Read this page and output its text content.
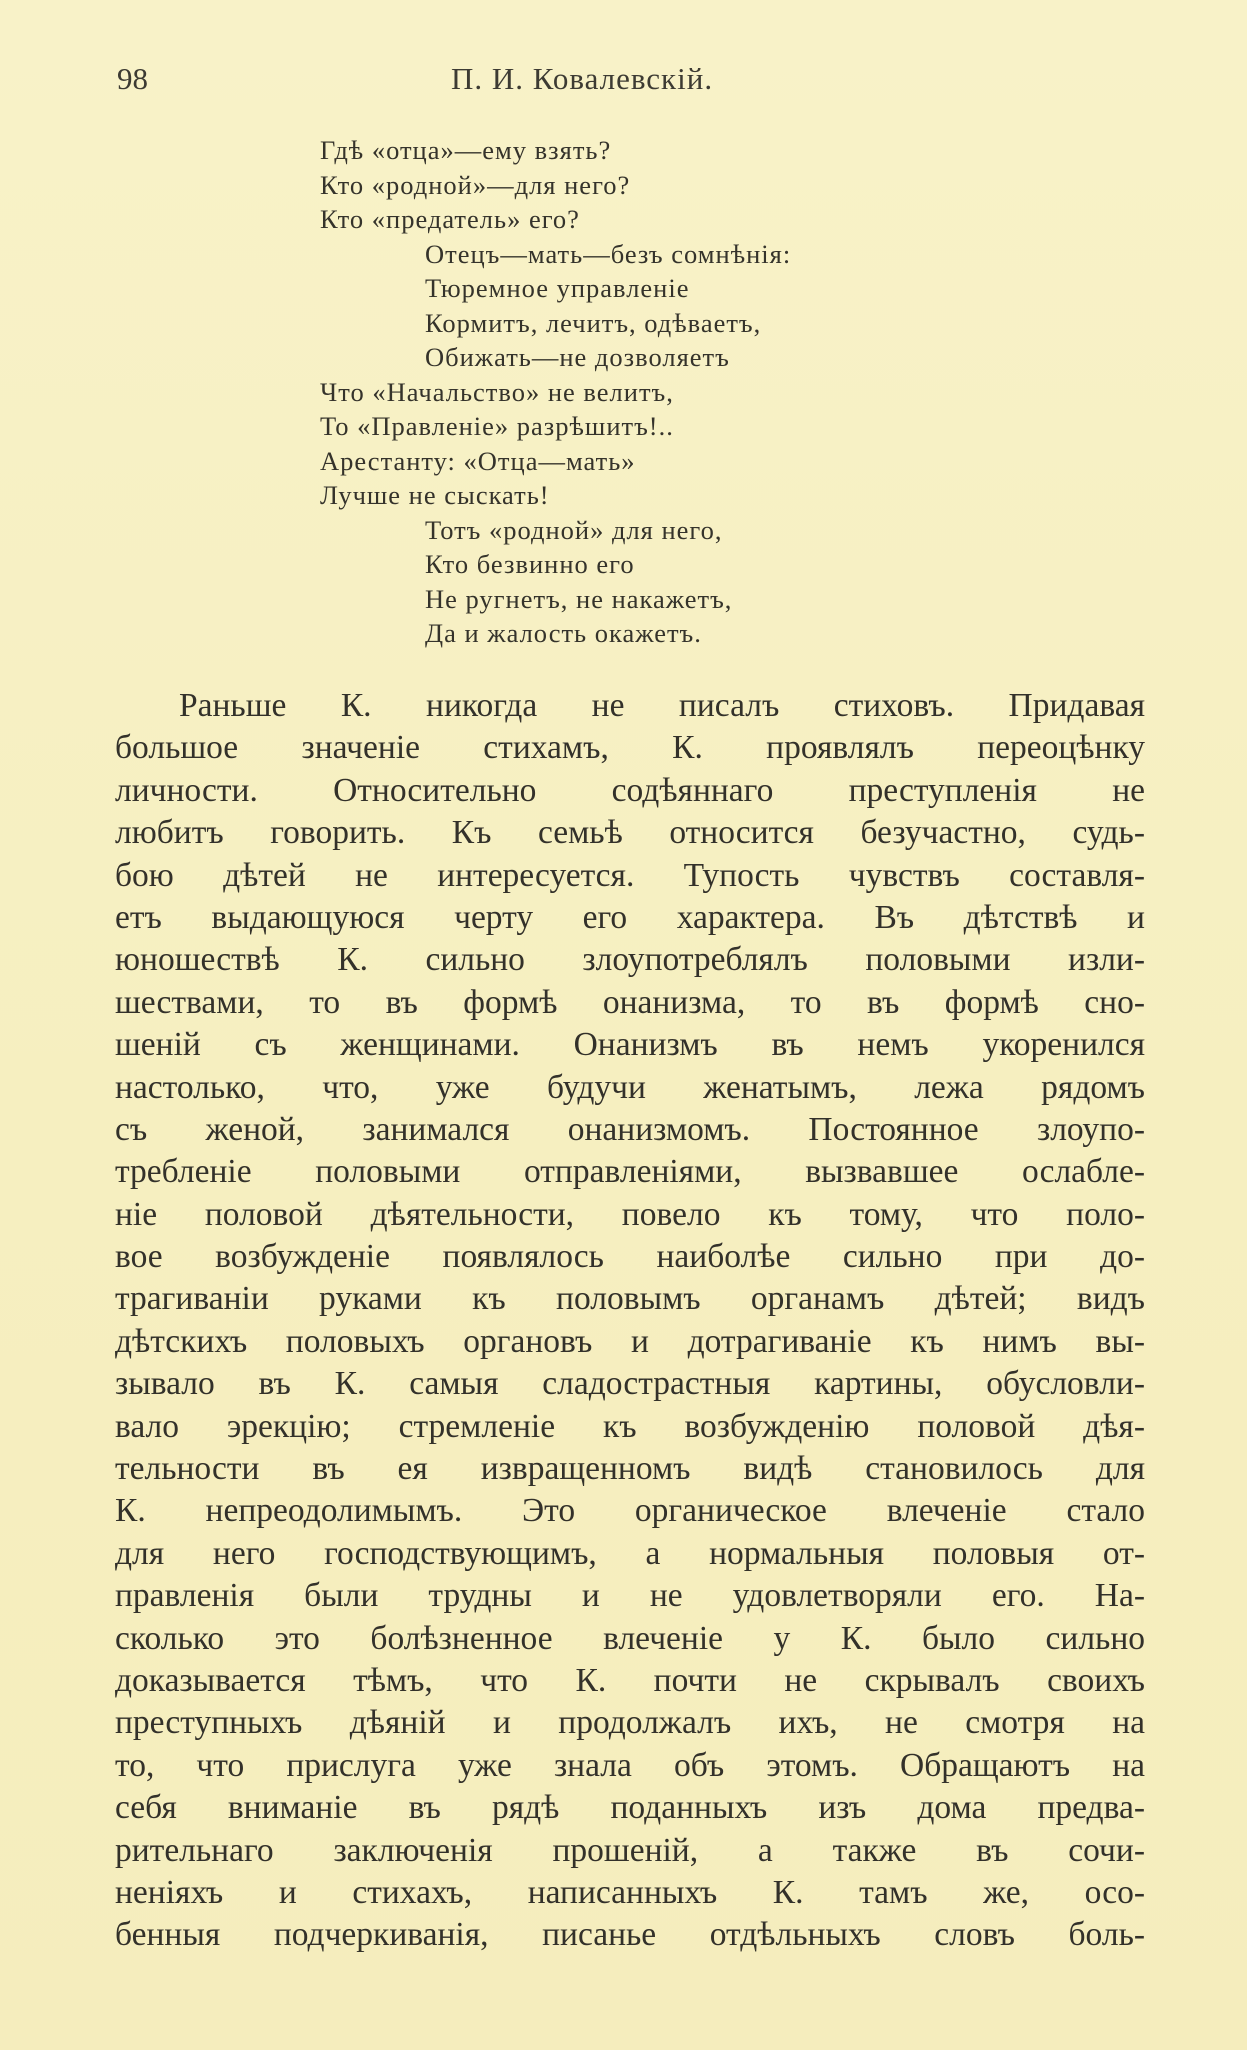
98	П. И. Ковалевскій.
Гдѣ «отца»—ему взять?
Кто «родной»—для него?
Кто «предатель» его?
Отецъ—мать—безъ сомнѣнія:
Тюремное управленіе
Кормитъ, лечитъ, одѣваетъ,
Обижать—не дозволяетъ
Что «Начальство» не велитъ,
То «Правленіе» разрѣшитъ!..
Арестанту: «Отца—мать»
Лучше не сыскать!
Тотъ «родной» для него,
Кто безвинно его
Не ругнетъ, не накажетъ,
Да и жалость окажетъ.
Раньше К. никогда не писалъ стиховъ. Придавая
большое значеніе стихамъ, К. проявлялъ переоцѣнку
личности. Относительно содѣяннаго преступленія не
любитъ говорить. Къ семьѣ относится безучастно, судь-
бою дѣтей не интересуется. Тупость чувствъ составля-
етъ выдающуюся черту его характера. Въ дѣтствѣ и
юношествѣ К. сильно злоупотреблялъ половыми изли-
шествами, то въ формѣ онанизма, то въ формѣ сно-
шеній съ женщинами. Онанизмъ въ немъ укоренился
настолько, что, уже будучи женатымъ, лежа рядомъ
съ женой, занимался онанизмомъ. Постоянное злоупо-
требленіе половыми отправленіями, вызвавшее ослабле-
ніе половой дѣятельности, повело къ тому, что поло-
вое возбужденіе появлялось наиболѣе сильно при до-
трагиваніи руками къ половымъ органамъ дѣтей; видъ
дѣтскихъ половыхъ органовъ и дотрагиваніе къ нимъ вы-
зывало въ К. самыя сладострастныя картины, обусловли-
вало эрекцію; стремленіе къ возбужденію половой дѣя-
тельности въ ея извращенномъ видѣ становилось для
К. непреодолимымъ. Это органическое влеченіе стало
для него господствующимъ, а нормальныя половыя от-
правленія были трудны и не удовлетворяли его. На-
сколько это болѣзненное влеченіе у К. было сильно
доказывается тѣмъ, что К. почти не скрывалъ своихъ
преступныхъ дѣяній и продолжалъ ихъ, не смотря на
то, что прислуга уже знала объ этомъ. Обращаютъ на
себя вниманіе въ рядѣ поданныхъ изъ дома предва-
рительнаго заключенія прошеній, а также въ сочи-
неніяхъ и стихахъ, написанныхъ К. тамъ же, осо-
бенныя подчеркиванія, писанье отдѣльныхъ словъ боль-
